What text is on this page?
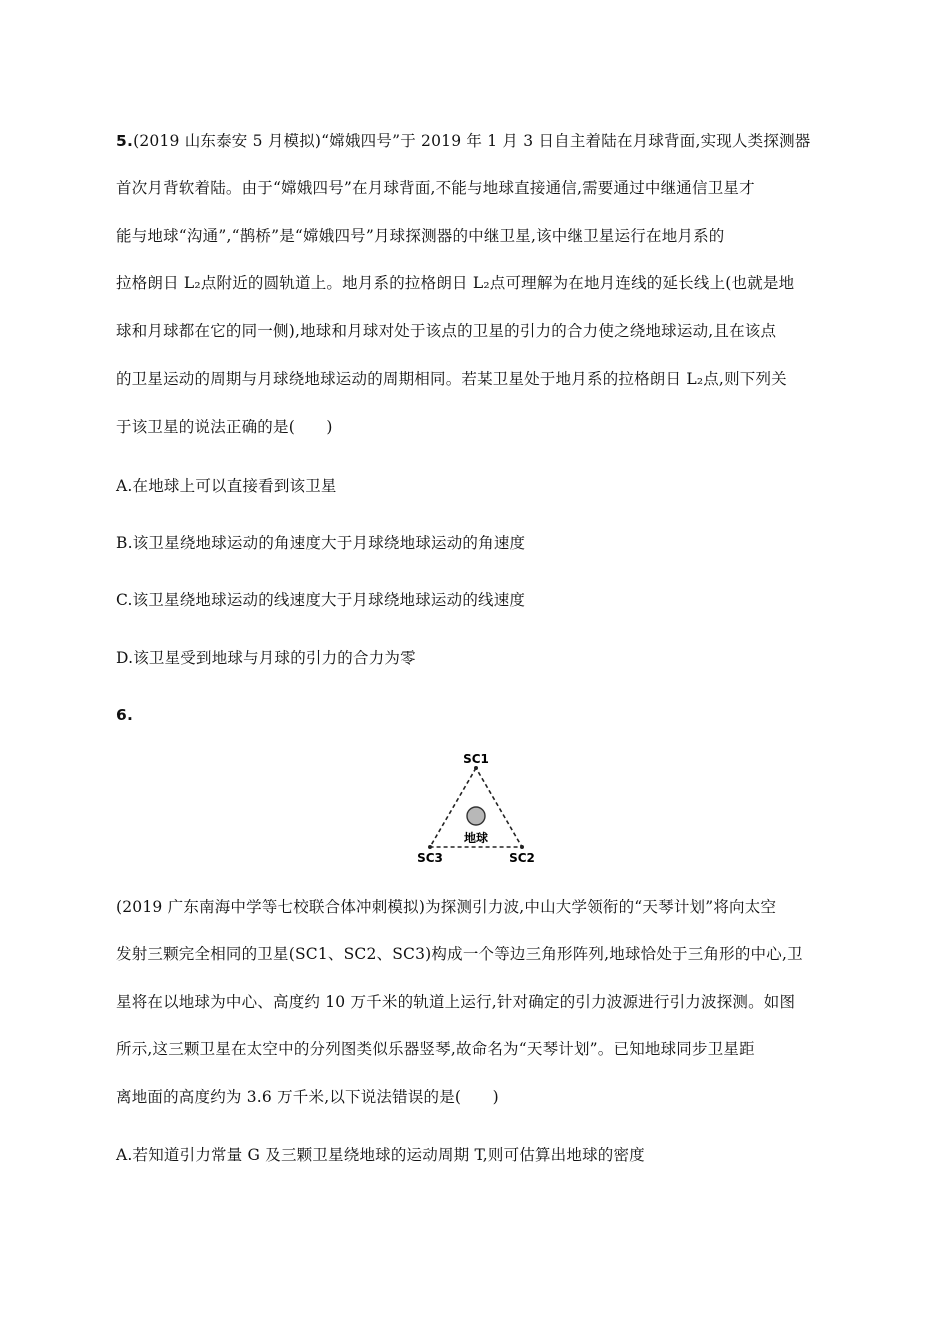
5.(2019 山东泰安 5 月模拟)“嫦娥四号”于 2019 年 1 月 3 日自主着陆在月球背面,实现人类探测器
首次月背软着陆。由于“嫦娥四号”在月球背面,不能与地球直接通信,需要通过中继通信卫星才
能与地球“沟通”,“鹊桥”是“嫦娥四号”月球探测器的中继卫星,该中继卫星运行在地月系的
拉格朗日 L₂点附近的圆轨道上。地月系的拉格朗日 L₂点可理解为在地月连线的延长线上(也就是地
球和月球都在它的同一侧),地球和月球对处于该点的卫星的引力的合力使之绕地球运动,且在该点
的卫星运动的周期与月球绕地球运动的周期相同。若某卫星处于地月系的拉格朗日 L₂点,则下列关
于该卫星的说法正确的是(　　)
A.在地球上可以直接看到该卫星
B.该卫星绕地球运动的角速度大于月球绕地球运动的角速度
C.该卫星绕地球运动的线速度大于月球绕地球运动的线速度
D.该卫星受到地球与月球的引力的合力为零
6.
SC1
SC2
SC3
地球
(2019 广东南海中学等七校联合体冲刺模拟)为探测引力波,中山大学领衔的“天琴计划”将向太空
发射三颗完全相同的卫星(SC1、SC2、SC3)构成一个等边三角形阵列,地球恰处于三角形的中心,卫
星将在以地球为中心、高度约 10 万千米的轨道上运行,针对确定的引力波源进行引力波探测。如图
所示,这三颗卫星在太空中的分列图类似乐器竖琴,故命名为“天琴计划”。已知地球同步卫星距
离地面的高度约为 3.6 万千米,以下说法错误的是(　　)
A.若知道引力常量 G 及三颗卫星绕地球的运动周期 T,则可估算出地球的密度
